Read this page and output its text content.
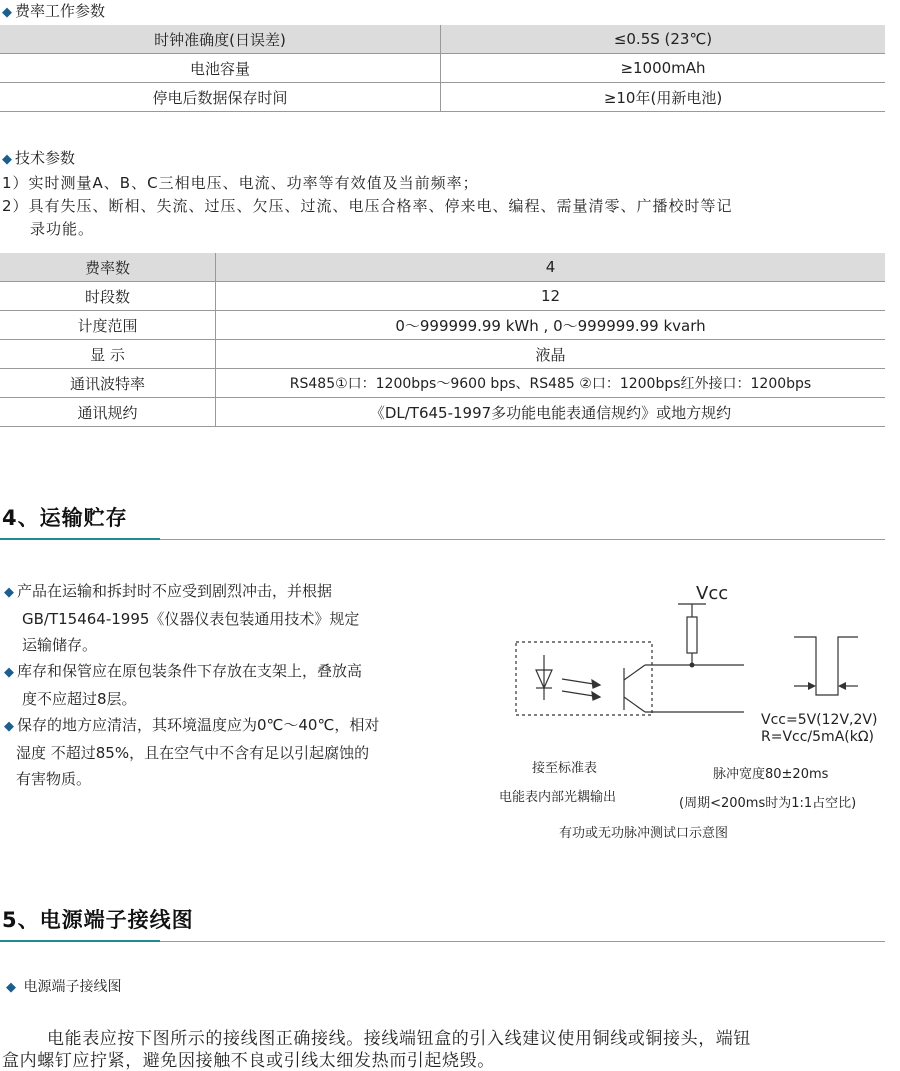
◆ 费率工作参数
时钟准确度(日误差)	≤0.5S (23℃)
电池容量	≥1000mAh
停电后数据保存时间	≥10年(用新电池)
◆ 技术参数
1）实时测量A、B、C三相电压、电流、功率等有效值及当前频率；
2）具有失压、断相、失流、过压、欠压、过流、电压合格率、停来电、编程、需量清零、广播校时等记
录功能。
费率数	4
时段数	12
计度范围	0～999999.99 kWh , 0～999999.99 kvarh
显 示	液晶
通讯波特率	RS485①口：1200bps～9600 bps、RS485 ②口：1200bps红外接口：1200bps
通讯规约	《DL/T645-1997多功能电能表通信规约》或地方规约
4、运输贮存
◆ 产品在运输和拆封时不应受到剧烈冲击，并根据
GB/T15464-1995《仪器仪表包装通用技术》规定
运输储存。
◆ 库存和保管应在原包装条件下存放在支架上，叠放高
度不应超过8层。
◆ 保存的地方应清洁，其环境温度应为0℃～40℃，相对
湿度 不超过85%，且在空气中不含有足以引起腐蚀的
有害物质。
Vcc
Vcc=5V(12V,2V)
R=Vcc/5mA(kΩ)
接至标准表
电能表内部光耦输出
脉冲宽度80±20ms
(周期<200ms时为1:1占空比)
有功或无功脉冲测试口示意图
5、电源端子接线图
◆ 电源端子接线图
电能表应按下图所示的接线图正确接线。接线端钮盒的引入线建议使用铜线或铜接头，端钮
盒内螺钉应拧紧，避免因接触不良或引线太细发热而引起烧毁。
